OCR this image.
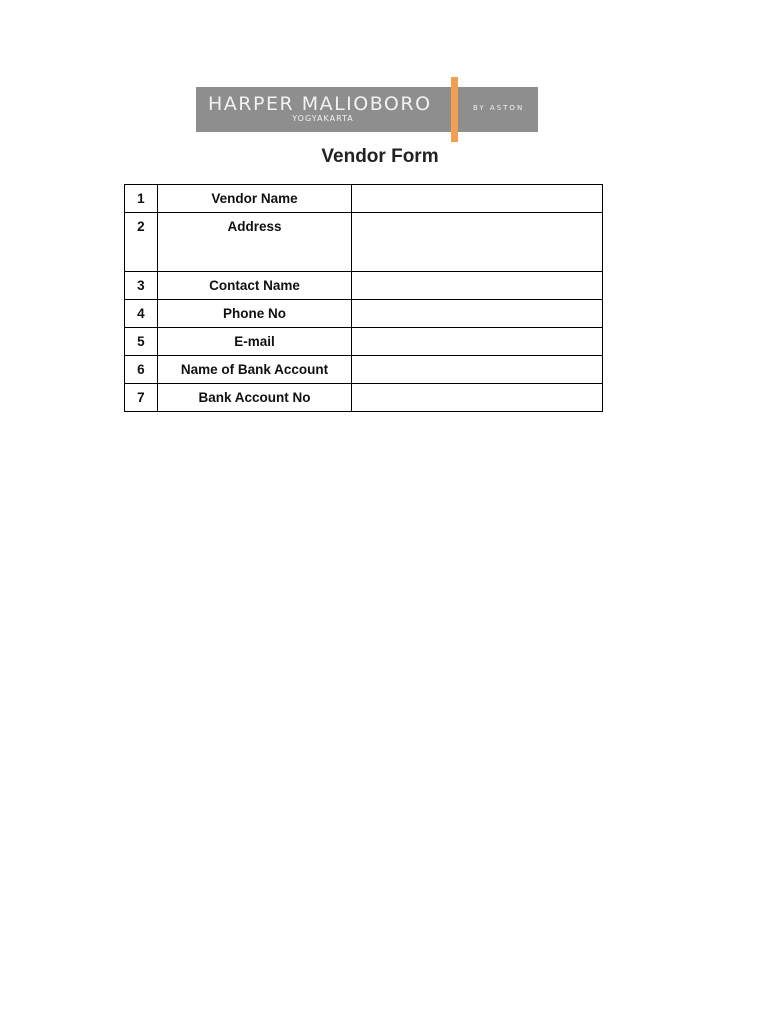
HARPER MALIOBORO
YOGYAKARTA
BY ASTON
Vendor Form
1	Vendor Name	
2	Address	
3	Contact Name	
4	Phone No	
5	E-mail	
6	Name of Bank Account	
7	Bank Account No	
